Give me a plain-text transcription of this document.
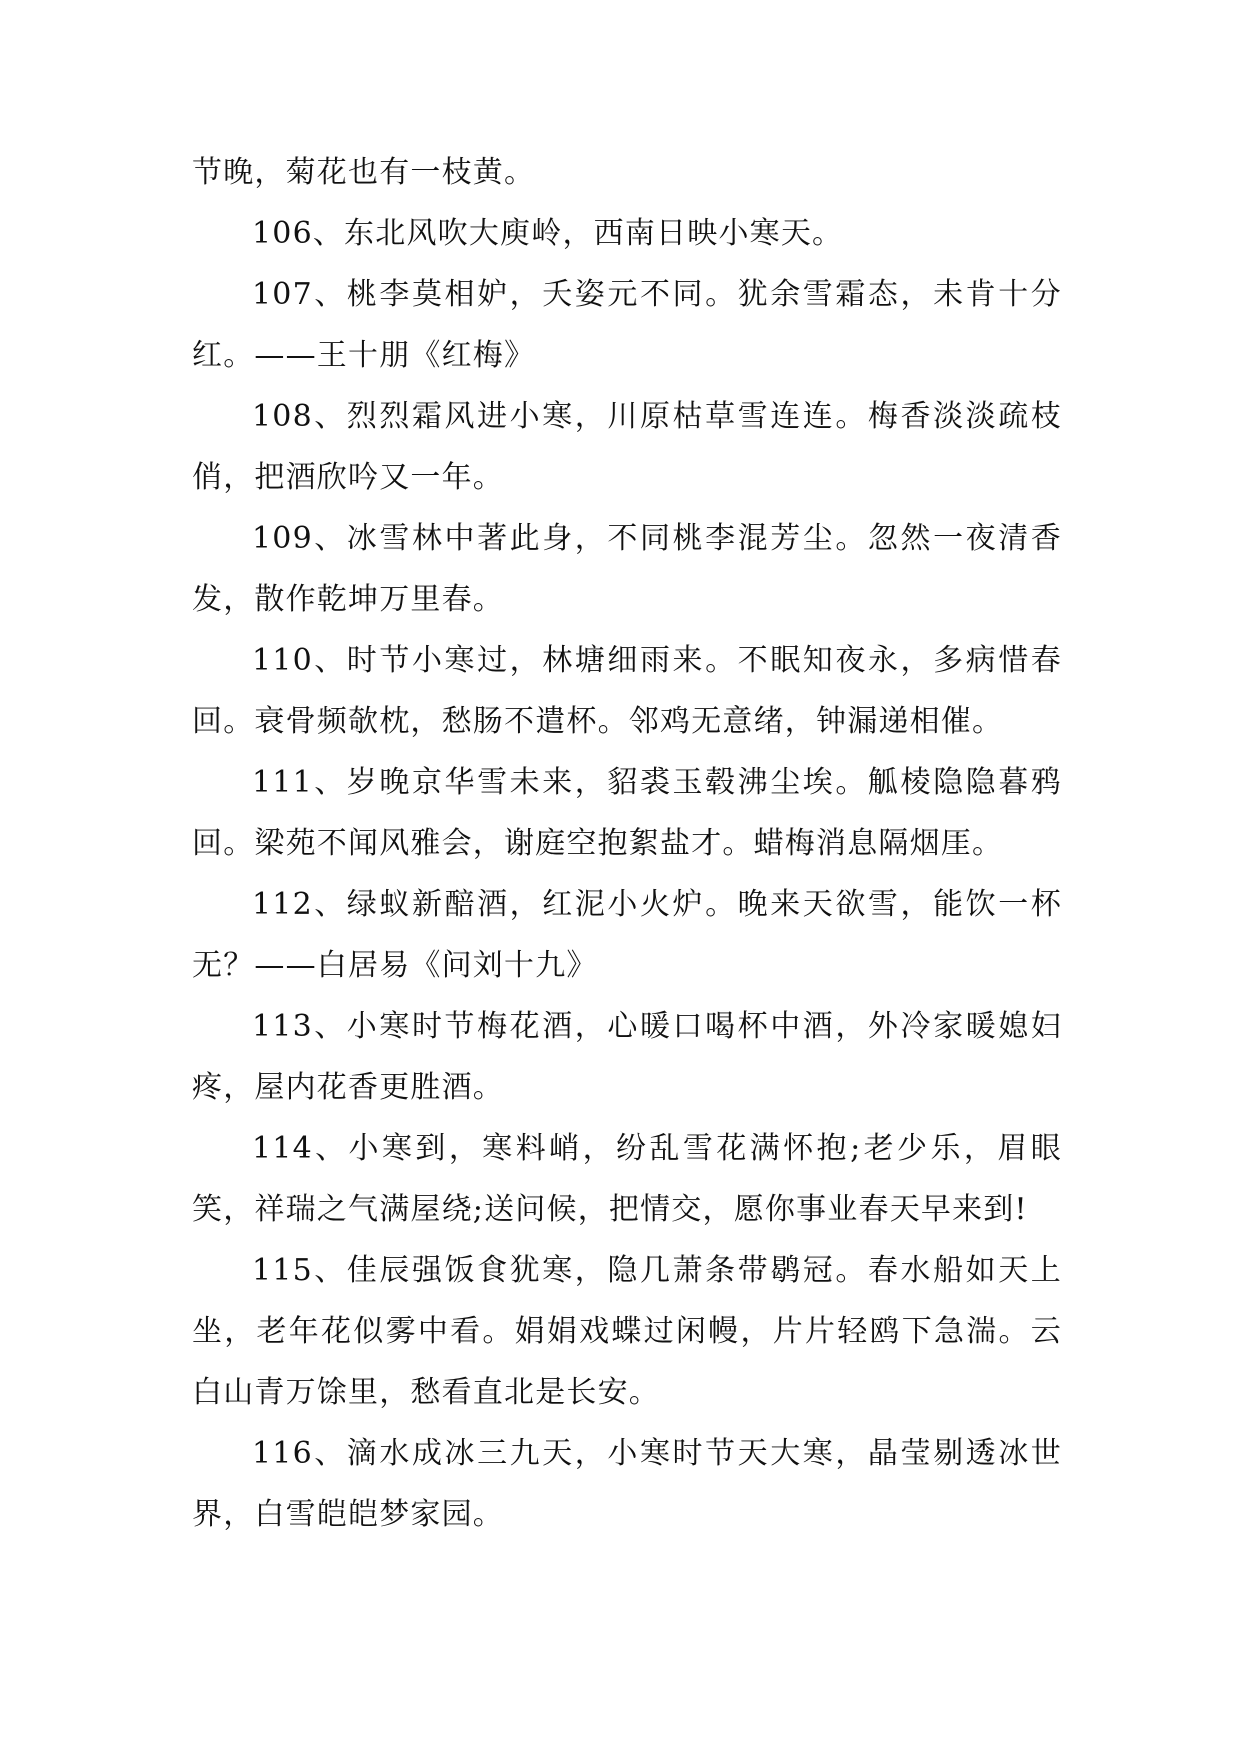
节晚，菊花也有一枝黄。

106、东北风吹大庾岭，西南日映小寒天。

107、桃李莫相妒，夭姿元不同。犹余雪霜态，未肯十分红。——王十朋《红梅》

108、烈烈霜风进小寒，川原枯草雪连连。梅香淡淡疏枝俏，把酒欣吟又一年。

109、冰雪林中著此身，不同桃李混芳尘。忽然一夜清香发，散作乾坤万里春。

110、时节小寒过，林塘细雨来。不眠知夜永，多病惜春回。衰骨频欹枕，愁肠不遣杯。邻鸡无意绪，钟漏递相催。

111、岁晚京华雪未来，貂裘玉毂沸尘埃。觚棱隐隐暮鸦回。梁苑不闻风雅会，谢庭空抱絮盐才。蜡梅消息隔烟厓。

112、绿蚁新醅酒，红泥小火炉。晚来天欲雪，能饮一杯无？——白居易《问刘十九》

113、小寒时节梅花酒，心暖口喝杯中酒，外冷家暖媳妇疼，屋内花香更胜酒。

114、小寒到，寒料峭，纷乱雪花满怀抱;老少乐，眉眼笑，祥瑞之气满屋绕;送问候，把情交，愿你事业春天早来到!

115、佳辰强饭食犹寒，隐几萧条带鹖冠。春水船如天上坐，老年花似雾中看。娟娟戏蝶过闲幔，片片轻鸥下急湍。云白山青万馀里，愁看直北是长安。

116、滴水成冰三九天，小寒时节天大寒，晶莹剔透冰世界，白雪皑皑梦家园。
